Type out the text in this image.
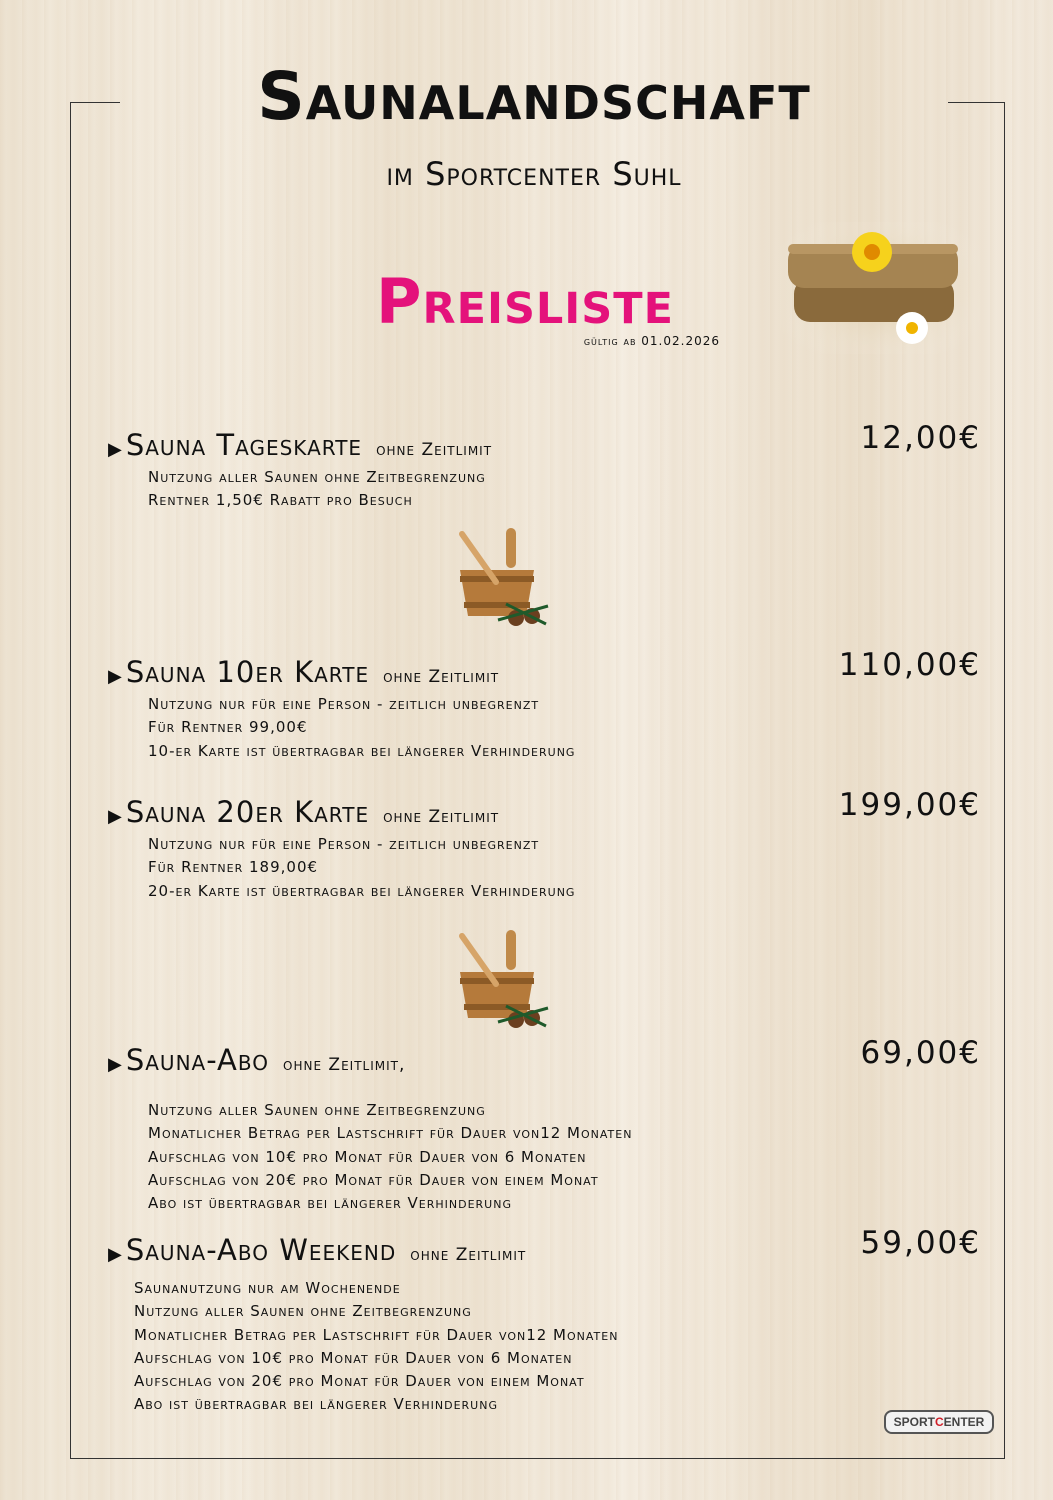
Saunalandschaft
im Sportcenter Suhl
Preisliste
gültig ab 01.02.2026
▶ Sauna Tageskarte ohne Zeitlimit	12,00€
Nutzung aller Saunen ohne Zeitbegrenzung
Rentner 1,50€ Rabatt pro Besuch
▶ Sauna 10er Karte ohne Zeitlimit	110,00€
Nutzung nur für eine Person - zeitlich unbegrenzt
Für Rentner 99,00€
10-er Karte ist übertragbar bei längerer Verhinderung
▶ Sauna 20er Karte ohne Zeitlimit	199,00€
Nutzung nur für eine Person - zeitlich unbegrenzt
Für Rentner 189,00€
20-er Karte ist übertragbar bei längerer Verhinderung
▶ Sauna-Abo ohne Zeitlimit,	69,00€
Nutzung aller Saunen ohne Zeitbegrenzung
Monatlicher Betrag per Lastschrift für Dauer von12 Monaten
Aufschlag von 10€ pro Monat für Dauer von 6 Monaten
Aufschlag von 20€ pro Monat für Dauer von einem Monat
Abo ist übertragbar bei längerer Verhinderung
▶ Sauna-Abo Weekend ohne Zeitlimit	59,00€
Saunanutzung nur am Wochenende
Nutzung aller Saunen ohne Zeitbegrenzung
Monatlicher Betrag per Lastschrift für Dauer von12 Monaten
Aufschlag von 10€ pro Monat für Dauer von 6 Monaten
Aufschlag von 20€ pro Monat für Dauer von einem Monat
Abo ist übertragbar bei längerer Verhinderung
SPORTCENTER
